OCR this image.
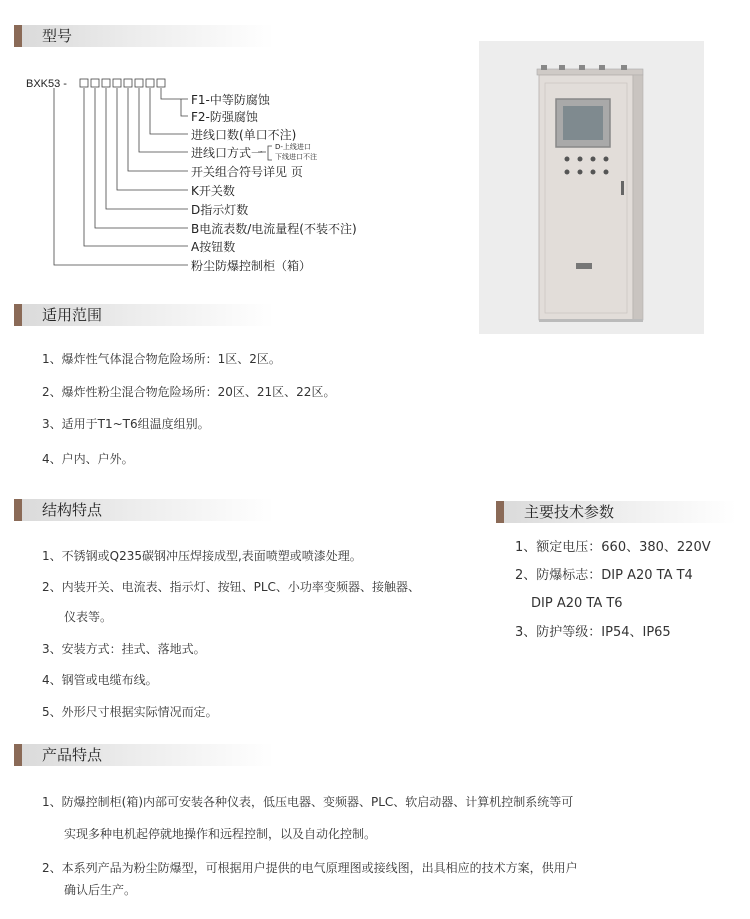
型号
适用范围
结构特点	主要技术参数
产品特点
BXK53 -
F1-中等防腐蚀
F2-防强腐蚀
进线口数(单口不注)
进线口方式一 D-上线进口
下线进口不注
开关组合符号详见 页
K开关数
D指示灯数
B电流表数/电流量程(不装不注)
A按钮数
粉尘防爆控制柜（箱）
1、爆炸性气体混合物危险场所：1区、2区。
2、爆炸性粉尘混合物危险场所：20区、21区、22区。
3、适用于T1~T6组温度组别。
4、户内、户外。
1、不锈钢或Q235碳钢冲压焊接成型,表面喷塑或喷漆处理。
2、内装开关、电流表、指示灯、按钮、PLC、小功率变频器、接触器、
仪表等。
3、安装方式：挂式、落地式。
4、钢管或电缆布线。
5、外形尺寸根据实际情况而定。
1、额定电压：660、380、220V
2、防爆标志：DIP A20 TA T4
DIP A20 TA T6
3、防护等级：IP54、IP65
1、防爆控制柜(箱)内部可安装各种仪表，低压电器、变频器、PLC、软启动器、计算机控制系统等可
实现多种电机起停就地操作和远程控制，以及自动化控制。
2、本系列产品为粉尘防爆型，可根据用户提供的电气原理图或接线图，出具相应的技术方案，供用户
确认后生产。
